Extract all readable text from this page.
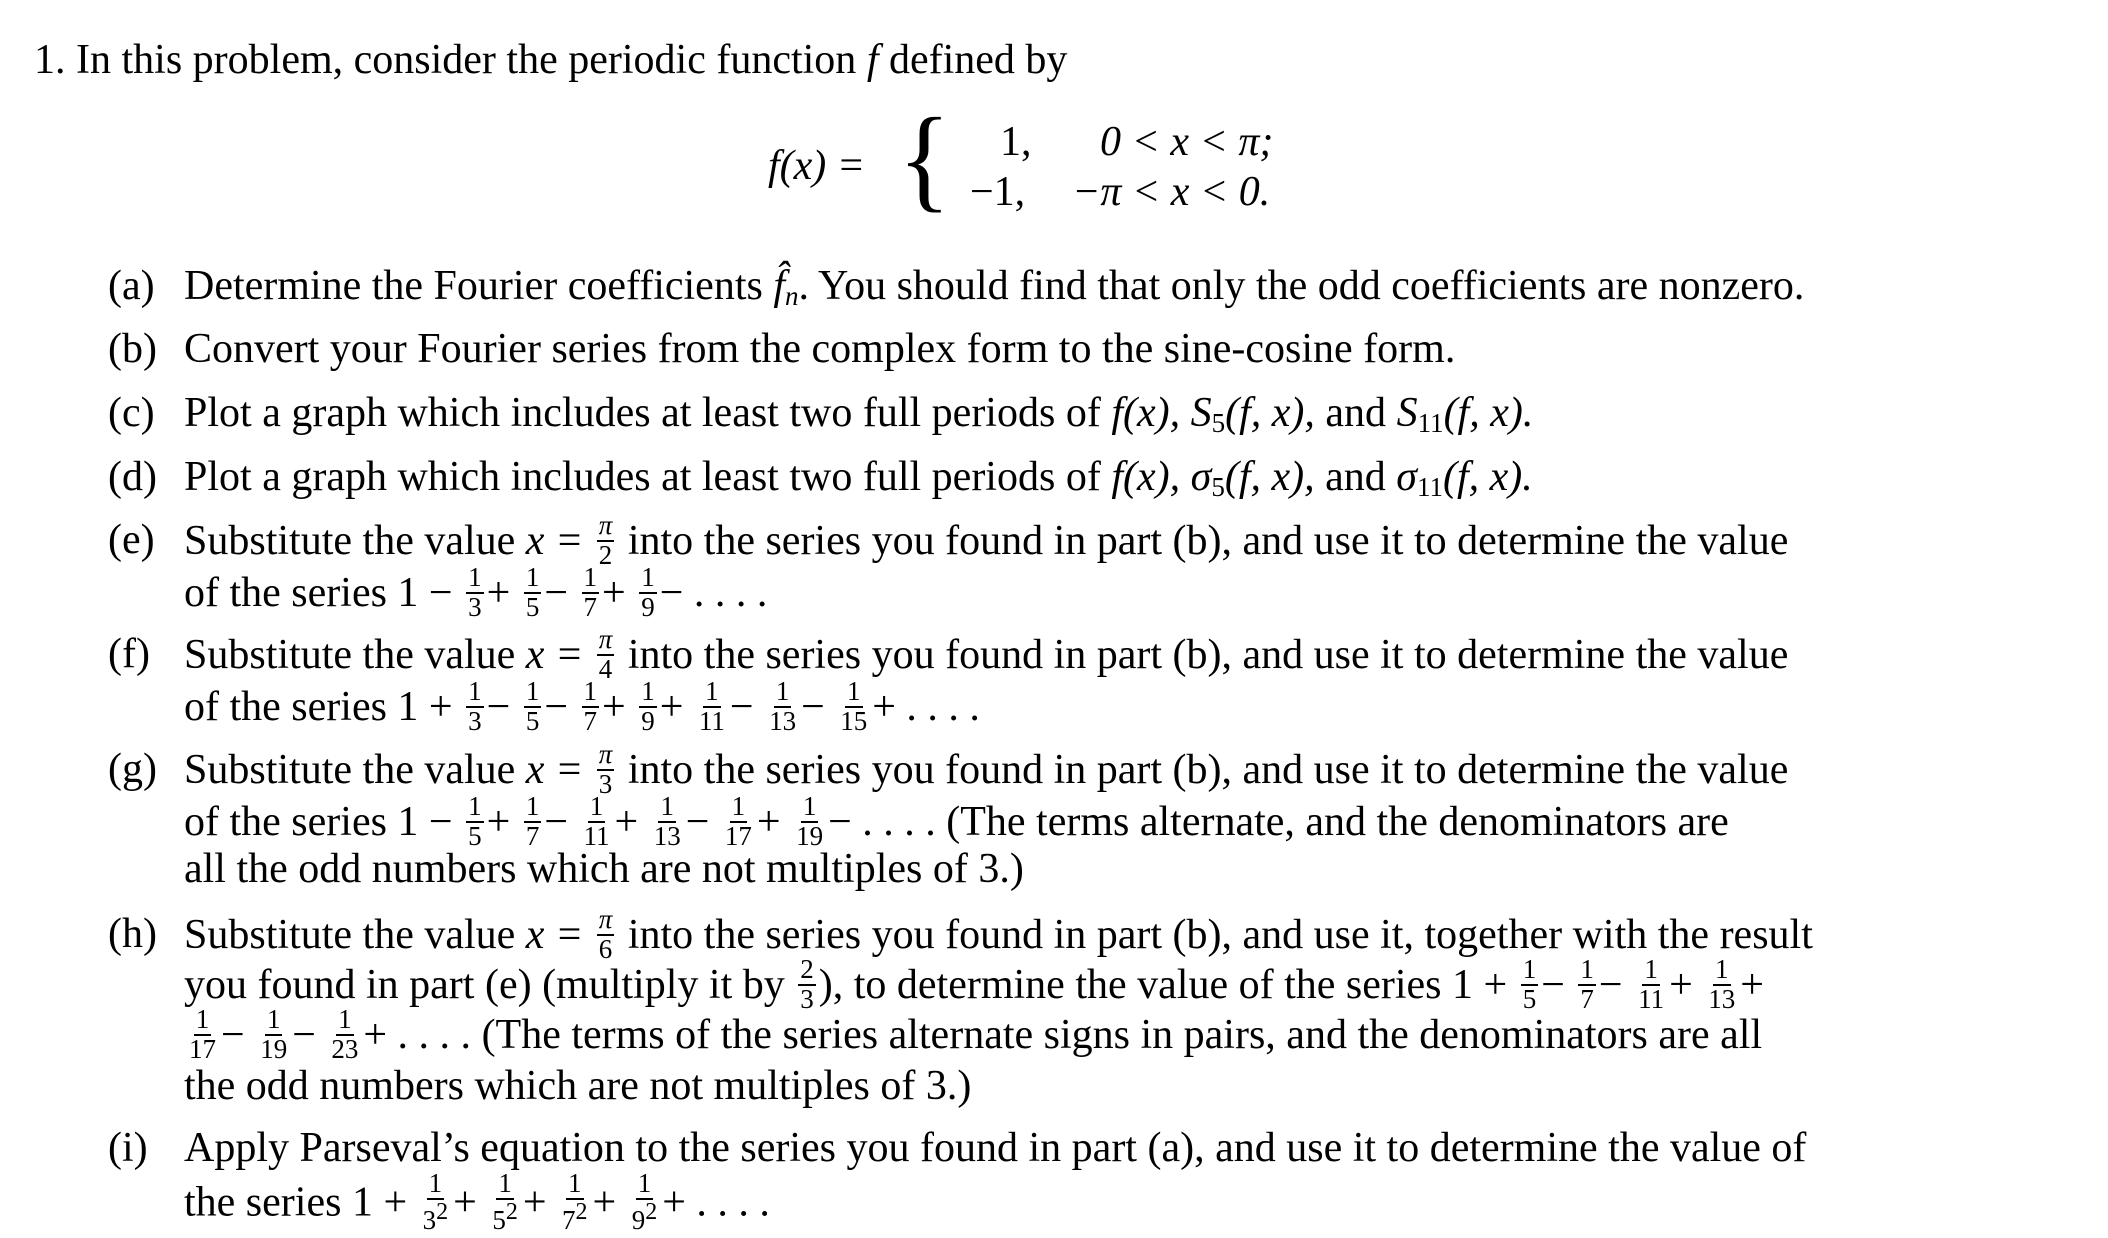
1. In this problem, consider the periodic function f defined by
f(x) = { 1, 0 < x < π;
−1, −π < x < 0.
(a) Determine the Fourier coefficients $f̂_n$. You should find that only the odd coefficients are nonzero.
(b) Convert your Fourier series from the complex form to the sine-cosine form.
(c) Plot a graph which includes at least two full periods of f(x), $S_5(f$, x), and $S_{11}(f$, x).
(d) Plot a graph which includes at least two full periods of f(x), $\sigma_5(f$, x), and $\sigma_{11}(f$, x).
(e) Substitute the value $x = \frac{\pi}{2}$ into the series you found in part (b), and use it to determine the value
of the series $1 - \frac{1}{3} + \frac{1}{5} - \frac{1}{7} + \frac{1}{9}$ − . . . .
(f) Substitute the value $x = \frac{\pi}{4}$ into the series you found in part (b), and use it to determine the value
of the series $1 + \frac{1}{3} - \frac{1}{5} - \frac{1}{7} + \frac{1}{9} + \frac{1}{11} - \frac{1}{13} - \frac{1}{15}$ + . . . .
(g) Substitute the value $x = \frac{\pi}{3}$ into the series you found in part (b), and use it to determine the value
of the series $1 - \frac{1}{5} + \frac{1}{7} - \frac{1}{11} + \frac{1}{13} - \frac{1}{17} + \frac{1}{19}$ − . . . . (The terms alternate, and the denominators are
all the odd numbers which are not multiples of 3.)
(h) Substitute the value $x = \frac{\pi}{6}$ into the series you found in part (b), and use it, together with the result
you found in part (e) (multiply it by $\frac{2}{3}$ ), to determine the value of the series $1 + \frac{1}{5} - \frac{1}{7} - \frac{1}{11} + \frac{1}{13}$ +
$\frac{1}{17} - \frac{1}{19} - \frac{1}{23}$ + . . . . (The terms of the series alternate signs in pairs, and the denominators are all
the odd numbers which are not multiples of 3.)
(i) Apply Parseval’s equation to the series you found in part (a), and use it to determine the value of
the series $1 + \frac{1}{32} + \frac{1}{52} + \frac{1}{72} + \frac{1}{92}$ + . . . .
